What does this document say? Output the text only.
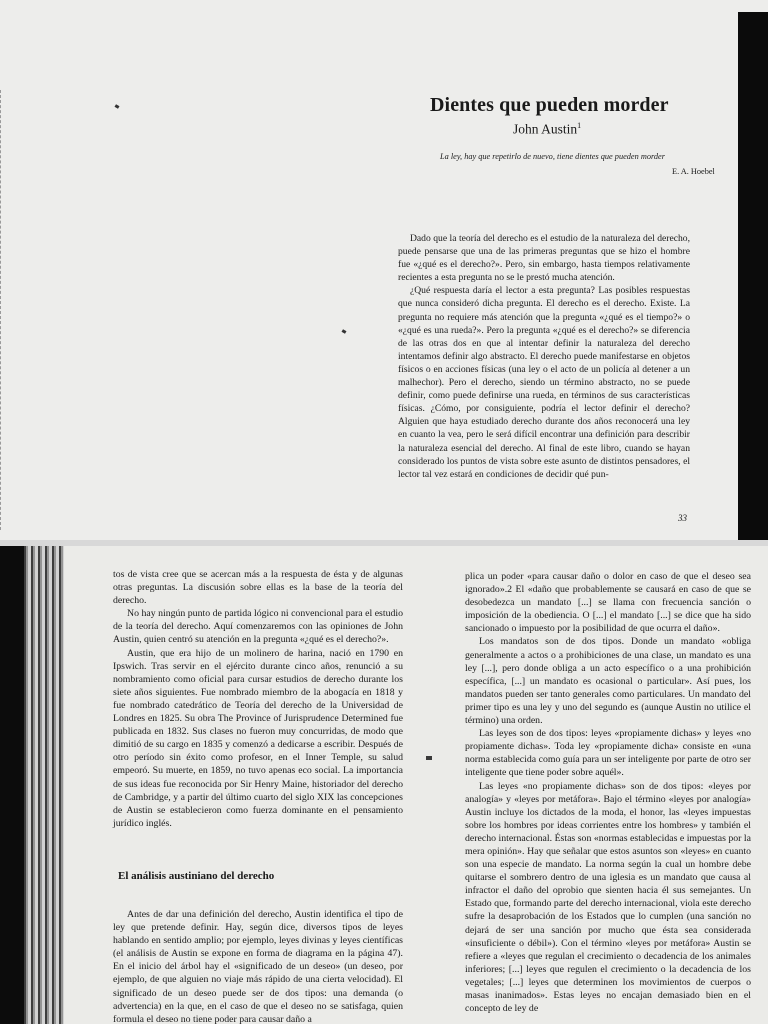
Dientes que pueden morder
John Austin$^1$
La ley, hay que repetirlo de nuevo, tiene dientes que pueden morder
E. A. Hoebel

Dado que la teoría del derecho es el estudio de la naturaleza del derecho, puede pensarse que una de las primeras preguntas que se hizo el hombre fue «¿qué es el derecho?». Pero, sin embargo, hasta tiempos relativamente recientes a esta pregunta no se le prestó mucha atención.

¿Qué respuesta daría el lector a esta pregunta? Las posibles respuestas que nunca consideró dicha pregunta. El derecho es el derecho. Existe. La pregunta no requiere más atención que la pregunta «¿qué es el tiempo?» o «¿qué es una rueda?». Pero la pregunta «¿qué es el derecho?» se diferencia de las otras dos en que al intentar definir la naturaleza del derecho intentamos definir algo abstracto. El derecho puede manifestarse en objetos físicos o en acciones físicas (una ley o el acto de un policía al detener a un malhechor). Pero el derecho, siendo un término abstracto, no se puede definir, como puede definirse una rueda, en términos de sus características físicas. ¿Cómo, por consiguiente, podría el lector definir el derecho? Alguien que haya estudiado derecho durante dos años reconocerá una ley en cuanto la vea, pero le será difícil encontrar una definición para describir la naturaleza esencial del derecho. Al final de este libro, cuando se hayan considerado los puntos de vista sobre este asunto de distintos pensadores, el lector tal vez estará en condiciones de decidir qué pun-

33

tos de vista cree que se acercan más a la respuesta de ésta y de algunas otras preguntas. La discusión sobre ellas es la base de la teoría del derecho.

No hay ningún punto de partida lógico ni convencional para el estudio de la teoría del derecho. Aquí comenzaremos con las opiniones de John Austin, quien centró su atención en la pregunta «¿qué es el derecho?».

Austin, que era hijo de un molinero de harina, nació en 1790 en Ipswich. Tras servir en el ejército durante cinco años, renunció a su nombramiento como oficial para cursar estudios de derecho durante los siete años siguientes. Fue nombrado miembro de la abogacía en 1818 y fue nombrado catedrático de Teoría del derecho de la Universidad de Londres en 1825. Su obra The Province of Jurisprudence Determined fue publicada en 1832. Sus clases no fueron muy concurridas, de modo que dimitió de su cargo en 1835 y comenzó a dedicarse a escribir. Después de otro período sin éxito como profesor, en el Inner Temple, su salud empeoró. Su muerte, en 1859, no tuvo apenas eco social. La importancia de sus ideas fue reconocida por Sir Henry Maine, historiador del derecho de Cambridge, y a partir del último cuarto del siglo XIX las concepciones de Austin se establecieron como fuerza dominante en el pensamiento jurídico inglés.

El análisis austiniano del derecho

Antes de dar una definición del derecho, Austin identifica el tipo de ley que pretende definir. Hay, según dice, diversos tipos de leyes hablando en sentido amplio; por ejemplo, leyes divinas y leyes científicas (el análisis de Austin se expone en forma de diagrama en la página 47). En el inicio del árbol hay el «significado de un deseo» (un deseo, por ejemplo, de que alguien no viaje más rápido de una cierta velocidad). El significado de un deseo puede ser de dos tipos: una demanda (o advertencia) en la que, en el caso de que el deseo no se satisfaga, quien formula el deseo no tiene poder para causar daño a

plica un poder «para causar daño o dolor en caso de que el deseo sea ignorado».2 El «daño que probablemente se causará en caso de que se desobedezca un mandato [...] se llama con frecuencia sanción o imposición de la obediencia. O [...] el mandato [...] se dice que ha sido sancionado o impuesto por la posibilidad de que ocurra el daño».

Los mandatos son de dos tipos. Donde un mandato «obliga generalmente a actos o a prohibiciones de una clase, un mandato es una ley [...], pero donde obliga a un acto específico o a una prohibición específica, [...] un mandato es ocasional o particular». Así pues, los mandatos pueden ser tanto generales como particulares. Un mandato del primer tipo es una ley y uno del segundo es (aunque Austin no utilice el término) una orden.

Las leyes son de dos tipos: leyes «propiamente dichas» y leyes «no propiamente dichas». Toda ley «propiamente dicha» consiste en «una norma establecida como guía para un ser inteligente por parte de otro ser inteligente que tiene poder sobre aquél».

Las leyes «no propiamente dichas» son de dos tipos: «leyes por analogía» y «leyes por metáfora». Bajo el término «leyes por analogía» Austin incluye los dictados de la moda, el honor, las «leyes impuestas sobre los hombres por ideas corrientes entre los hombres» y también el derecho internacional. Éstas son «normas establecidas e impuestas por la mera opinión». Hay que señalar que estos asuntos son «leyes» en cuanto son una especie de mandato. La norma según la cual un hombre debe quitarse el sombrero dentro de una iglesia es un mandato que causa al infractor el daño del oprobio que sienten hacia él sus semejantes. Un Estado que, formando parte del derecho internacional, viola este derecho sufre la desaprobación de los Estados que lo cumplen (una sanción no dejará de ser una sanción por mucho que ésta sea considerada «insuficiente o débil»). Con el término «leyes por metáfora» Austin se refiere a «leyes que regulan el crecimiento o decadencia de los animales inferiores; [...] leyes que regulen el crecimiento o la decadencia de los vegetales; [...] leyes que determinen los movimientos de cuerpos o masas inanimados». Estas leyes no encajan demasiado bien en el concepto de ley de
